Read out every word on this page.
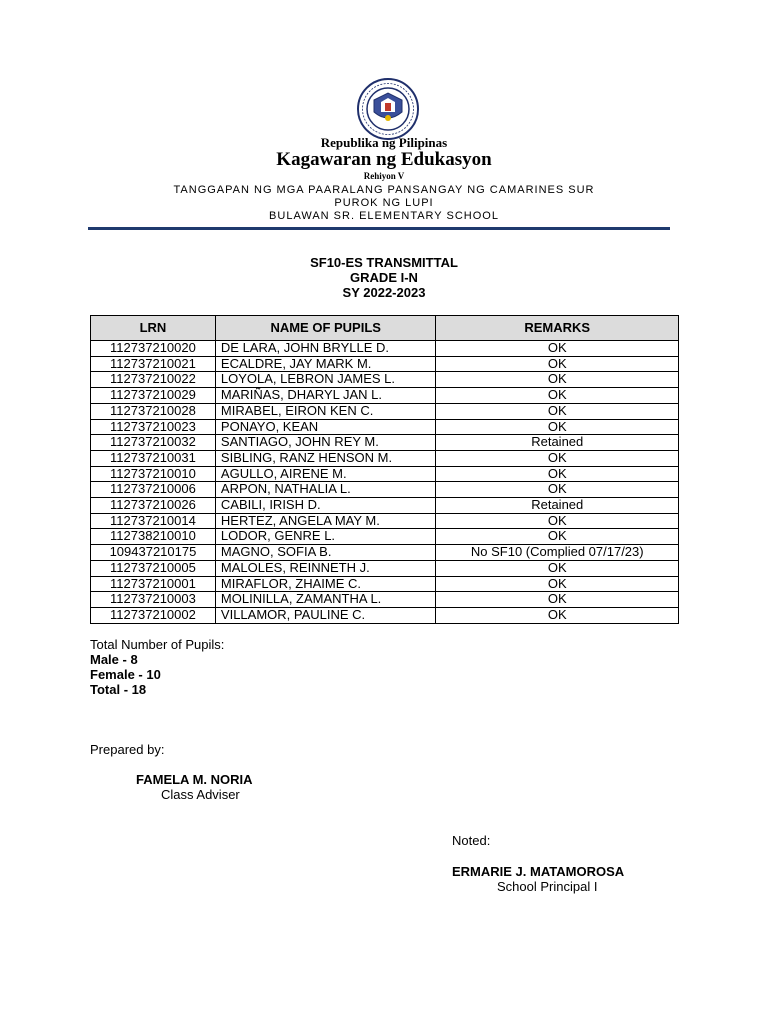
Republika ng Pilipinas
Kagawaran ng Edukasyon
Rehiyon V
TANGGAPAN NG MGA PAARALANG PANSANGAY NG CAMARINES SUR
PUROK NG LUPI
BULAWAN SR. ELEMENTARY SCHOOL
SF10-ES TRANSMITTAL
GRADE I-N
SY 2022-2023
LRN	NAME OF PUPILS	REMARKS
112737210020	DE LARA, JOHN BRYLLE D.	OK
112737210021	ECALDRE, JAY MARK M.	OK
112737210022	LOYOLA, LEBRON JAMES L.	OK
112737210029	MARIÑAS, DHARYL JAN L.	OK
112737210028	MIRABEL, EIRON KEN C.	OK
112737210023	PONAYO, KEAN	OK
112737210032	SANTIAGO, JOHN REY M.	Retained
112737210031	SIBLING, RANZ HENSON M.	OK
112737210010	AGULLO, AIRENE M.	OK
112737210006	ARPON, NATHALIA L.	OK
112737210026	CABILI, IRISH D.	Retained
112737210014	HERTEZ, ANGELA MAY M.	OK
112738210010	LODOR, GENRE L.	OK
109437210175	MAGNO, SOFIA B.	No SF10 (Complied 07/17/23)
112737210005	MALOLES, REINNETH J.	OK
112737210001	MIRAFLOR, ZHAIME C.	OK
112737210003	MOLINILLA, ZAMANTHA L.	OK
112737210002	VILLAMOR, PAULINE C.	OK
Total Number of Pupils:
Male - 8
Female - 10
Total - 18
Prepared by:
FAMELA M. NORIA
Class Adviser
Noted:
ERMARIE J. MATAMOROSA
School Principal I
